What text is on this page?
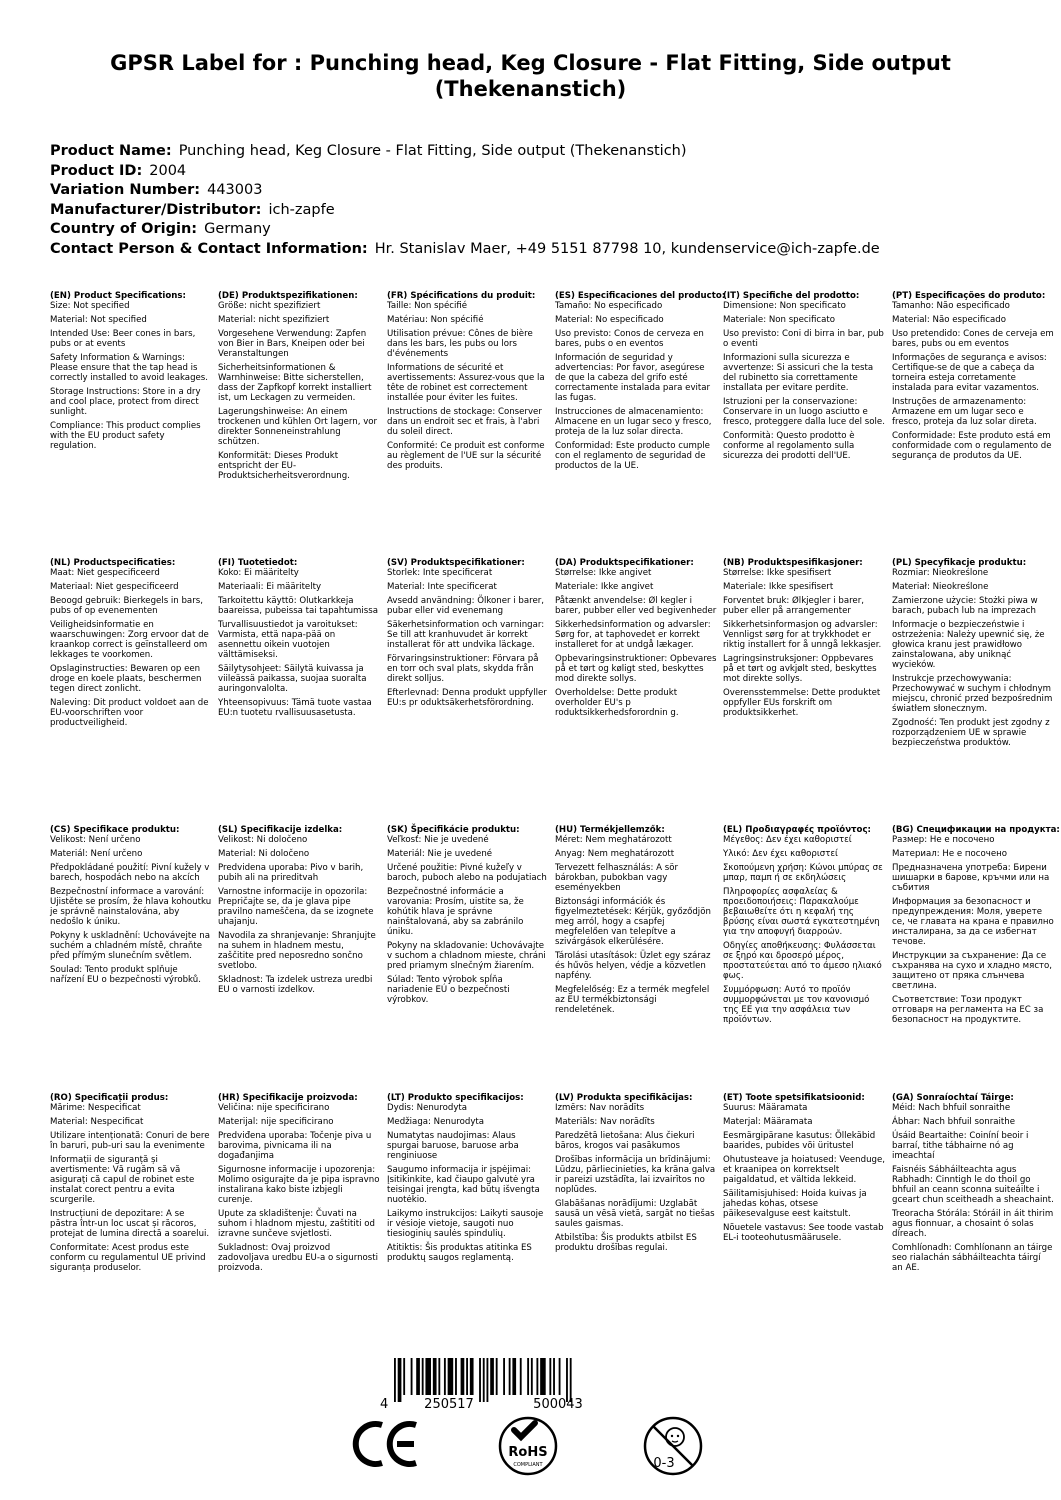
GPSR Label for : Punching head, Keg Closure - Flat Fitting, Side output (Thekenanstich)
Product Name: Punching head, Keg Closure - Flat Fitting, Side output (Thekenanstich)
Product ID: 2004
Variation Number: 443003
Manufacturer/Distributor: ich-zapfe
Country of Origin: Germany
Contact Person & Contact Information: Hr. Stanislav Maer, +49 5151 87798 10, kundenservice@ich-zapfe.de
(EN) Product Specifications:

Size: Not specified

Material: Not specified

Intended Use: Beer cones in bars, pubs or at events

Safety Information & Warnings: Please ensure that the tap head is correctly installed to avoid leakages.

Storage Instructions: Store in a dry and cool place, protect from direct sunlight.

Compliance: This product complies with the EU product safety regulation.

(DE) Produktspezifikationen:

Größe: nicht spezifiziert

Material: nicht spezifiziert

Vorgesehene Verwendung: Zapfen von Bier in Bars, Kneipen oder bei Veranstaltungen

Sicherheitsinformationen & Warnhinweise: Bitte sicherstellen, dass der Zapfkopf korrekt installiert ist, um Leckagen zu vermeiden.

Lagerungshinweise: An einem trockenen und kühlen Ort lagern, vor direkter Sonneneinstrahlung schützen.

Konformität: Dieses Produkt entspricht der EU-Produktsicherheitsverordnung.

(FR) Spécifications du produit:

Taille: Non spécifié

Matériau: Non spécifié

Utilisation prévue: Cônes de bière dans les bars, les pubs ou lors d'événements

Informations de sécurité et avertissements: Assurez-vous que la tête de robinet est correctement installée pour éviter les fuites.

Instructions de stockage: Conserver dans un endroit sec et frais, à l'abri du soleil direct.

Conformité: Ce produit est conforme au règlement de l'UE sur la sécurité des produits.

(ES) Especificaciones del producto:

Tamaño: No especificado

Material: No especificado

Uso previsto: Conos de cerveza en bares, pubs o en eventos

Información de seguridad y advertencias: Por favor, asegúrese de que la cabeza del grifo esté correctamente instalada para evitar las fugas.

Instrucciones de almacenamiento: Almacene en un lugar seco y fresco, proteja de la luz solar directa.

Conformidad: Este producto cumple con el reglamento de seguridad de productos de la UE.

(IT) Specifiche del prodotto:

Dimensione: Non specificato

Materiale: Non specificato

Uso previsto: Coni di birra in bar, pub o eventi

Informazioni sulla sicurezza e avvertenze: Si assicuri che la testa del rubinetto sia correttamente installata per evitare perdite.

Istruzioni per la conservazione: Conservare in un luogo asciutto e fresco, proteggere dalla luce del sole.

Conformità: Questo prodotto è conforme al regolamento sulla sicurezza dei prodotti dell'UE.

(PT) Especificações do produto:

Tamanho: Não especificado

Material: Não especificado

Uso pretendido: Cones de cerveja em bares, pubs ou em eventos

Informações de segurança e avisos: Certifique-se de que a cabeça da torneira esteja corretamente instalada para evitar vazamentos.

Instruções de armazenamento: Armazene em um lugar seco e fresco, proteja da luz solar direta.

Conformidade: Este produto está em conformidade com o regulamento de segurança de produtos da UE.

(NL) Productspecificaties:

Maat: Niet gespecificeerd

Materiaal: Niet gespecificeerd

Beoogd gebruik: Bierkegels in bars, pubs of op evenementen

Veiligheidsinformatie en waarschuwingen: Zorg ervoor dat de kraankop correct is geïnstalleerd om lekkages te voorkomen.

Opslaginstructies: Bewaren op een droge en koele plaats, beschermen tegen direct zonlicht.

Naleving: Dit product voldoet aan de EU-voorschriften voor productveiligheid.

(FI) Tuotetiedot:

Koko: Ei määritelty

Materiaali: Ei määritelty

Tarkoitettu käyttö: Olutkarkkeja baareissa, pubeissa tai tapahtumissa

Turvallisuustiedot ja varoitukset: Varmista, että napa-pää on asennettu oikein vuotojen välttämiseksi.

Säilytysohjeet: Säilytä kuivassa ja viileässä paikassa, suojaa suoralta auringonvalolta.

Yhteensopivuus: Tämä tuote vastaa EU:n tuotetu rvallisuusasetusta.

(SV) Produktspecifikationer:

Storlek: Inte specificerat

Material: Inte specificerat

Avsedd användning: Ölkoner i barer, pubar eller vid evenemang

Säkerhetsinformation och varningar: Se till att kranhuvudet är korrekt installerat för att undvika läckage.

Förvaringsinstruktioner: Förvara på en torr och sval plats, skydda från direkt solljus.

Efterlevnad: Denna produkt uppfyller EU:s pr oduktsäkerhetsförordning.

(DA) Produktspecifikationer:

Størrelse: Ikke angivet

Materiale: Ikke angivet

Påtænkt anvendelse: Øl kegler i barer, pubber eller ved begivenheder

Sikkerhedsinformation og advarsler: Sørg for, at taphovedet er korrekt installeret for at undgå lækager.

Opbevaringsinstruktioner: Opbevares på et tørt og køligt sted, beskyttes mod direkte sollys.

Overholdelse: Dette produkt overholder EU's p roduktsikkerhedsforordnin g.

(NB) Produktspesifikasjoner:

Størrelse: Ikke spesifisert

Materiale: Ikke spesifisert

Forventet bruk: Ølkjegler i barer, puber eller på arrangementer

Sikkerhetsinformasjon og advarsler: Vennligst sørg for at trykkhodet er riktig installert for å unngå lekkasjer.

Lagringsinstruksjoner: Oppbevares på et tørt og avkjølt sted, beskyttes mot direkte sollys.

Overensstemmelse: Dette produktet oppfyller EUs forskrift om produktsikkerhet.

(PL) Specyfikacje produktu:

Rozmiar: Nieokreślone

Materiał: Nieokreślone

Zamierzone użycie: Stożki piwa w barach, pubach lub na imprezach

Informacje o bezpieczeństwie i ostrzeżenia: Należy upewnić się, że głowica kranu jest prawidłowo zainstalowana, aby uniknąć wycieków.

Instrukcje przechowywania: Przechowywać w suchym i chłodnym miejscu, chronić przed bezpośrednim światłem słonecznym.

Zgodność: Ten produkt jest zgodny z rozporządzeniem UE w sprawie bezpieczeństwa produktów.

(CS) Specifikace produktu:

Velikost: Není určeno

Materiál: Není určeno

Předpokládané použití: Pivní kužely v barech, hospodách nebo na akcích

Bezpečnostní informace a varování: Ujistěte se prosím, že hlava kohoutku je správně nainstalována, aby nedošlo k úniku.

Pokyny k uskladnění: Uchovávejte na suchém a chladném místě, chraňte před přímým slunečním světlem.

Soulad: Tento produkt splňuje nařízení EU o bezpečnosti výrobků.

(SL) Specifikacije izdelka:

Velikost: Ni določeno

Material: Ni določeno

Predvidena uporaba: Pivo v barih, pubih ali na prireditvah

Varnostne informacije in opozorila: Prepričajte se, da je glava pipe pravilno nameščena, da se izognete uhajanju.

Navodila za shranjevanje: Shranjujte na suhem in hladnem mestu, zaščitite pred neposredno sončno svetlobo.

Skladnost: Ta izdelek ustreza uredbi EU o varnosti izdelkov.

(SK) Špecifikácie produktu:

Veľkosť: Nie je uvedené

Materiál: Nie je uvedené

Určené použitie: Pivné kužeľy v baroch, puboch alebo na podujatiach

Bezpečnostné informácie a varovania: Prosím, uistite sa, že kohútik hlava je správne nainštalovaná, aby sa zabránilo úniku.

Pokyny na skladovanie: Uchovávajte v suchom a chladnom mieste, chráni pred priamym slnečným žiarením.

Súlad: Tento výrobok spĺňa nariadenie EÚ o bezpečnosti výrobkov.

(HU) Termékjellemzők:

Méret: Nem meghatározott

Anyag: Nem meghatározott

Tervezett felhasználás: A sör bárokban, pubokban vagy eseményekben

Biztonsági információk és figyelmeztetések: Kérjük, győződjön meg arról, hogy a csapfej megfelelően van telepítve a szivárgások elkerülésére.

Tárolási utasítások: Üzlet egy száraz és hűvös helyen, védje a közvetlen napfény.

Megfelelőség: Ez a termék megfelel az EU termékbiztonsági rendeletének.

(EL) Προδιαγραφές προϊόντος:

Μέγεθος: Δεν έχει καθοριστεί

Υλικό: Δεν έχει καθοριστεί

Σκοπούμενη χρήση: Κώνοι μπύρας σε μπαρ, παμπ ή σε εκδηλώσεις

Πληροφορίες ασφαλείας & προειδοποιήσεις: Παρακαλούμε βεβαιωθείτε ότι η κεφαλή της βρύσης είναι σωστά εγκατεστημένη για την αποφυγή διαρροών.

Οδηγίες αποθήκευσης: Φυλάσσεται σε ξηρό και δροσερό μέρος, προστατεύεται από το άμεσο ηλιακό φως.

Συμμόρφωση: Αυτό το προϊόν συμμορφώνεται με τον κανονισμό της ΕΕ για την ασφάλεια των προϊόντων.

(BG) Спецификации на продукта:

Размер: Не е посочено

Материал: Не е посочено

Предназначена употреба: Бирени шишарки в барове, кръчми или на събития

Информация за безопасност и предупреждения: Моля, уверете се, че главата на крана е правилно инсталирана, за да се избегнат течове.

Инструкции за съхранение: Да се съхранява на сухо и хладно място, защитено от пряка слънчева светлина.

Съответствие: Този продукт отговаря на регламента на ЕС за безопасност на продуктите.

(RO) Specificații produs:

Mărime: Nespecificat

Material: Nespecificat

Utilizare intenționată: Conuri de bere în baruri, pub-uri sau la evenimente

Informații de siguranță și avertismente: Vă rugăm să vă asigurați că capul de robinet este instalat corect pentru a evita scurgerile.

Instrucțiuni de depozitare: A se păstra într-un loc uscat și răcoros, protejat de lumina directă a soarelui.

Conformitate: Acest produs este conform cu regulamentul UE privind siguranța produselor.

(HR) Specifikacije proizvoda:

Veličina: nije specificirano

Materijal: nije specificirano

Predviđena uporaba: Točenje piva u barovima, pivnicama ili na događanjima

Sigurnosne informacije i upozorenja: Molimo osigurajte da je pipa ispravno instalirana kako biste izbjegli curenje.

Upute za skladištenje: Čuvati na suhom i hladnom mjestu, zaštititi od izravne sunčeve svjetlosti.

Sukladnost: Ovaj proizvod zadovoljava uredbu EU-a o sigurnosti proizvoda.

(LT) Produkto specifikacijos:

Dydis: Nenurodyta

Medžiaga: Nenurodyta

Numatytas naudojimas: Alaus spurgai baruose, baruose arba renginiuose

Saugumo informacija ir įspėjimai: Įsitikinkite, kad čiaupo galvutė yra teisingai įrengta, kad būtų išvengta nuotėkio.

Laikymo instrukcijos: Laikyti sausoje ir vėsioje vietoje, saugoti nuo tiesioginių saulės spindulių.

Atitiktis: Šis produktas atitinka ES produktų saugos reglamentą.

(LV) Produkta specifikācijas:

Izmērs: Nav norādīts

Materiāls: Nav norādīts

Paredzētā lietošana: Alus čiekuri bāros, krogos vai pasākumos

Drošības informācija un brīdinājumi: Lūdzu, pārliecinieties, ka krāna galva ir pareizi uzstādīta, lai izvairītos no noplūdes.

Glabāšanas norādījumi: Uzglabāt sausā un vēsā vietā, sargāt no tiešas saules gaismas.

Atbilstība: Šis produkts atbilst ES produktu drošības regulai.

(ET) Toote spetsifikatsioonid:

Suurus: Määramata

Materjal: Määramata

Eesmärgipärane kasutus: Õllekäbid baarides, pubides või üritustel

Ohutusteave ja hoiatused: Veenduge, et kraanipea on korrektselt paigaldatud, et vältida lekkeid.

Säilitamisjuhised: Hoida kuivas ja jahedas kohas, otsese päikesevalguse eest kaitstult.

Nõuetele vastavus: See toode vastab EL-i tooteohutusmäärusele.

(GA) Sonraíochtaí Táirge:

Méid: Nach bhfuil sonraithe

Ábhar: Nach bhfuil sonraithe

Úsáid Beartaithe: Coiníní beoir i barraí, tithe tábhairne nó ag imeachtaí

Faisnéis Sábháilteachta agus Rabhadh: Cinntigh le do thoil go bhfuil an ceann sconna suiteáilte i gceart chun sceitheadh a sheachaint.

Treoracha Stórála: Stóráil in áit thirim agus fionnuar, a chosaint ó solas díreach.

Comhlíonadh: Comhlíonann an táirge seo rialachán sábháilteachta táirgí an AE.

4	250517	500043
RoHS
COMPLIANT	0-3
